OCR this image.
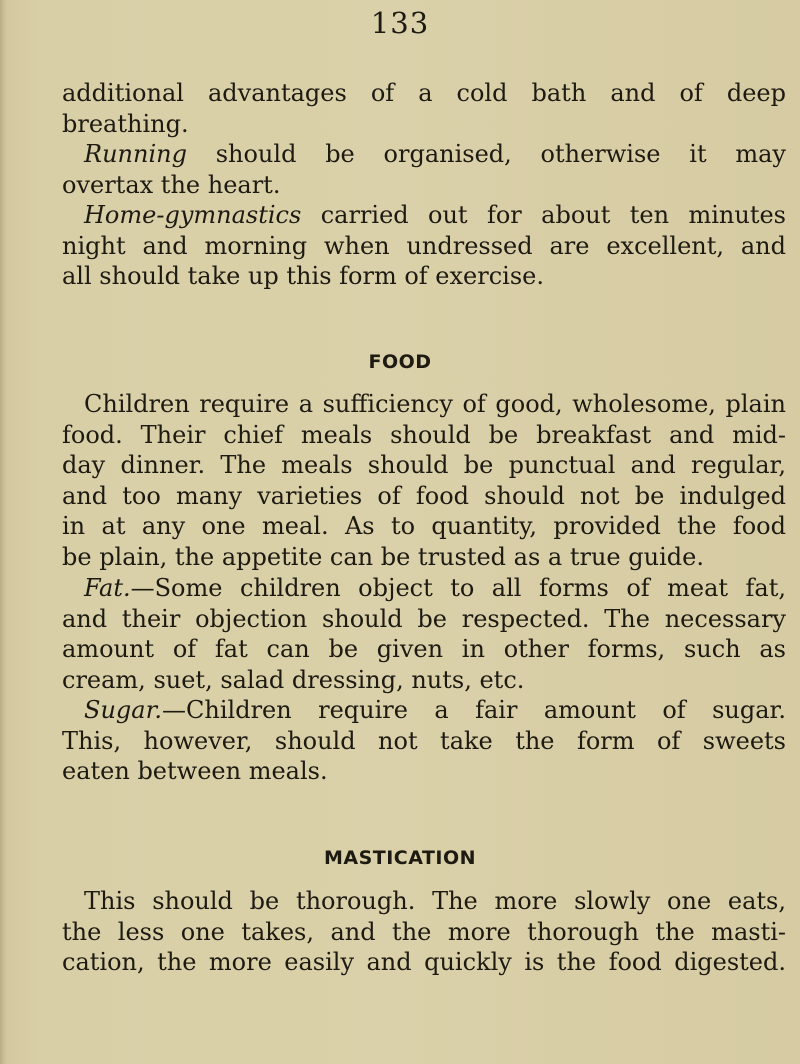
133
additional advantages of a cold bath and of deep
breathing.
Running should be organised, otherwise it may
overtax the heart.
Home-gymnastics carried out for about ten minutes
night and morning when undressed are excellent, and
all should take up this form of exercise.
FOOD
Children require a sufficiency of good, wholesome, plain
food. Their chief meals should be breakfast and mid-
day dinner. The meals should be punctual and regular,
and too many varieties of food should not be indulged
in at any one meal. As to quantity, provided the food
be plain, the appetite can be trusted as a true guide.
Fat.—Some children object to all forms of meat fat,
and their objection should be respected. The necessary
amount of fat can be given in other forms, such as
cream, suet, salad dressing, nuts, etc.
Sugar.—Children require a fair amount of sugar.
This, however, should not take the form of sweets
eaten between meals.
MASTICATION
This should be thorough. The more slowly one eats,
the less one takes, and the more thorough the masti-
cation, the more easily and quickly is the food digested.
